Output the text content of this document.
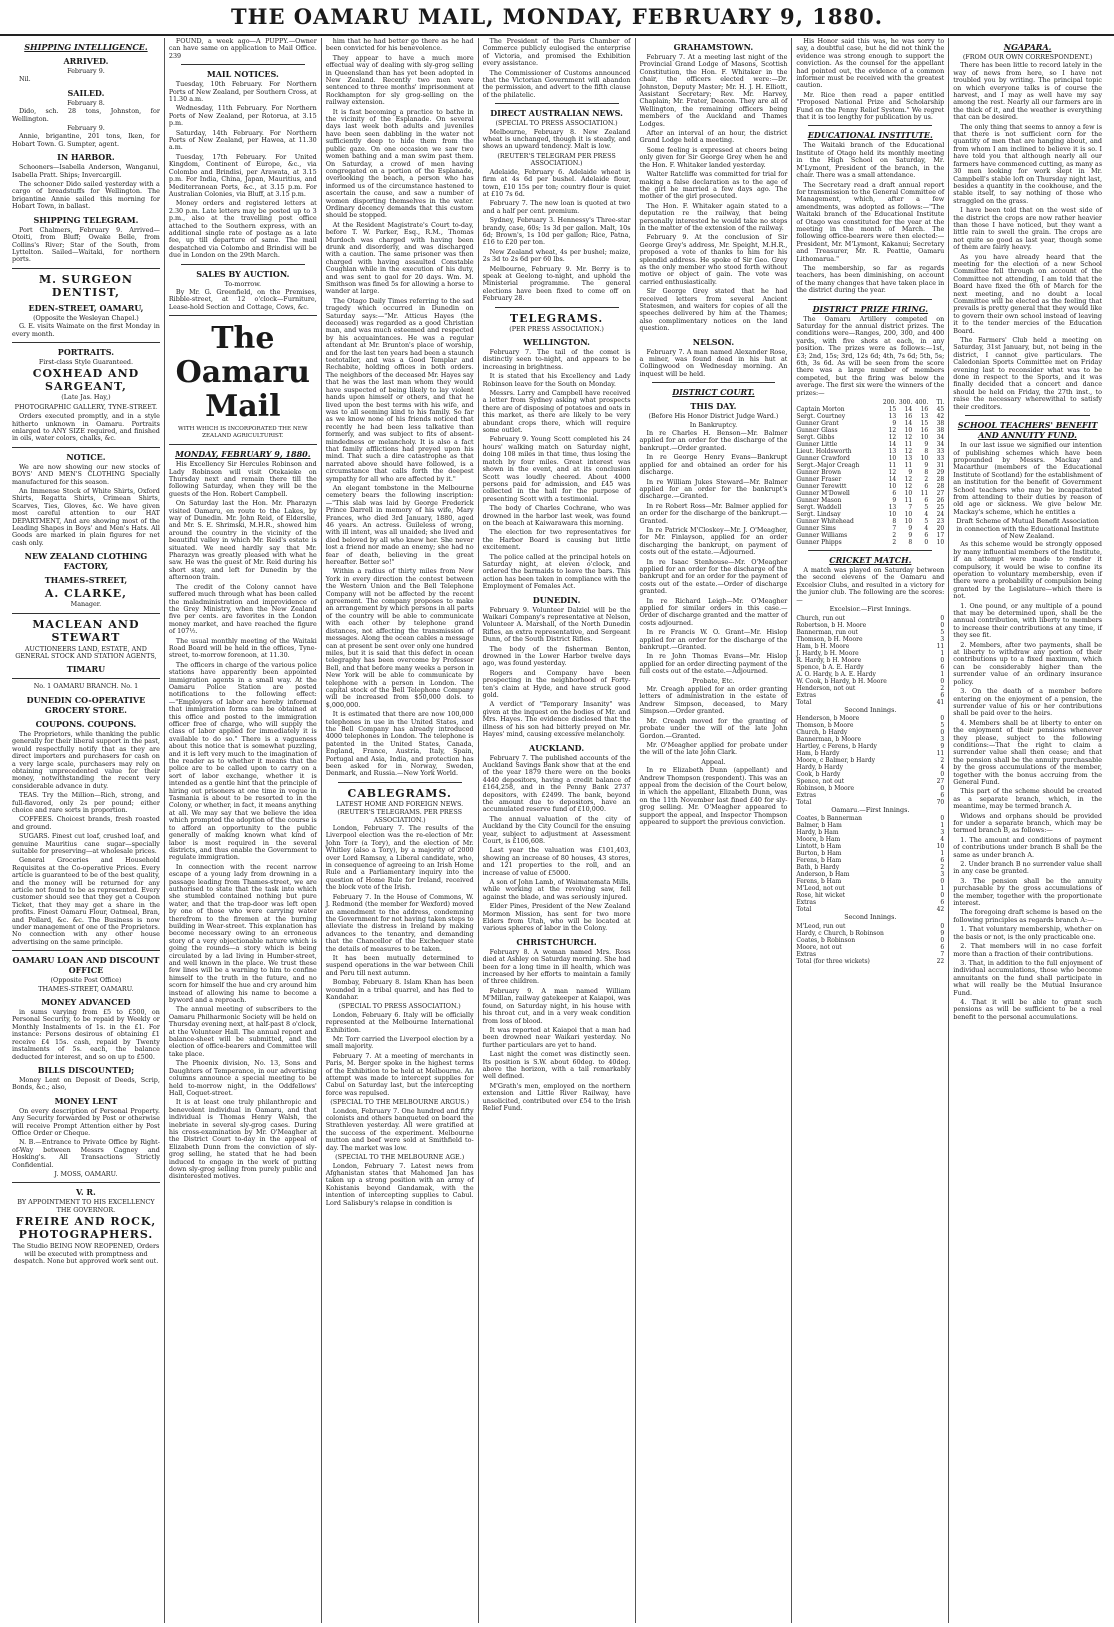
THE OAMARU MAIL, MONDAY, FEBRUARY 9, 1880.
SHIPPING INTELLIGENCE.
ARRIVED.
February 9.

Nil.

SAILED.
February 8.

Dido, sch. 28 tons, Johnston, for Wellington.

February 9.

Annie, brigantine, 201 tons, Iken, for Hobart Town. G. Sumpter, agent.

IN HARBOR.

Schooners—Isabella Anderson, Wanganui, Isabella Pratt. Ships; Invercargill.

The schooner Dido sailed yesterday with a cargo of breadstuffs for Wellington. The brigantine Annie sailed this morning for Hobart Town, in ballast.

SHIPPING TELEGRAM.

Port Chalmers, February 9. Arrived—Otoiti, from Bluff; Owake Belle, from Collins's River; Star of the South, from Lyttelton. Sailed—Waitaki, for northern ports.

M. SURGEON DENTIST,
EDEN-STREET, OAMARU,
(Opposite the Wesleyan Chapel.)

G. E. visits Waimate on the first Monday in every month.

PORTRAITS.
First-class Style Guaranteed.
COXHEAD AND SARGEANT,
(Late Jas. Hay,)
PHOTOGRAPHIC GALLERY, TYNE-STREET.

Orders executed promptly, and in a style hitherto unknown in Oamaru. Portraits enlarged to ANY SIZE required, and finished in oils, water colors, chalks, &c.

NOTICE.

We are now showing our new stocks of BOYS' AND MEN'S CLOTHING Specially manufactured for this season.

An Immense Stock of White Shirts, Oxford Shirts, Regatta Shirts, Crimean Shirts, Scarves, Ties, Gloves, &c. We have given most careful attention to our HAT DEPARTMENT, And are showing most of the Leading Shapes in Boys' and Men's Hats. All Goods are marked in plain figures for net cash only.

NEW ZEALAND CLOTHING FACTORY,
THAMES-STREET,
A. CLARKE,
Manager.
MACLEAN AND STEWART
AUCTIONEERS LAND, ESTATE, AND GENERAL STOCK AND STATION AGENTS,
TIMARU
No. 1 OAMARU BRANCH. No. 1
DUNEDIN CO-OPERATIVE GROCERY STORE.
COUPONS. COUPONS.

The Proprietors, while thanking the public generally for their liberal support in the past, would respectfully notify that as they are direct importers and purchasers for cash on a very large scale, purchasers may rely on obtaining unprecedented value for their money, notwithstanding the recent very considerable advance in duty.

TEAS. Try the Million—Rich, strong, and full-flavored, only 2s per pound; either choice and rare sorts in proportion.

COFFEES. Choicest brands, fresh roasted and ground.

SUGARS. Finest cut loaf, crushed loaf, and genuine Mauritius cane sugar—specially suitable for preserving—at wholesale prices.

General Groceries and Household Requisites at the Co-operative Prices. Every article is guaranteed to be of the best quality, and the money will be returned for any article not found to be as represented. Every customer should see that they get a Coupon Ticket, that they may get a share in the profits. Finest Oamaru Flour, Oatmeal, Bran, and Pollard, &c. &c. The Business is now under management of one of the Proprietors. No connection with any other house advertising on the same principle.

OAMARU LOAN AND DISCOUNT OFFICE
(Opposite Post Office)
THAMES-STREET, OAMARU.
MONEY ADVANCED

in sums varying from £5 to £500, on Personal Security, to be repaid by Weekly or Monthly Instalments of 1s. in the £1. For instance: Persons desirous of obtaining £1 receive £4 15s. cash, repaid by Twenty instalments of 5s. each, the balance deducted for interest, and so on up to £500.

BILLS DISCOUNTED;

Money Lent on Deposit of Deeds, Scrip, Bonds, &c.; also,

MONEY LENT

On every description of Personal Property. Any Security forwarded by Post or otherwise will receive Prompt Attention either by Post Office Order or Cheque.

N. B.—Entrance to Private Office by Right-of-Way between Messrs Cagney and Hosking's. All Transactions Strictly Confidential.

J. MOSS, OAMARU.
V. R.
BY APPOINTMENT TO HIS EXCELLENCY THE GOVERNOR.
FREIRE AND ROCK, PHOTOGRAPHERS.
The Studio BEING NOW REOPENED, Orders will be executed with promptness and despatch. None but approved work sent out.

FOUND, a week ago—A PUPPY.—Owner can have same on application to Mail Office. 239

MAIL NOTICES.

Tuesday, 10th February. For Northern Ports of New Zealand, per Southern Cross, at 11.30 a.m.

Wednesday, 11th February. For Northern Ports of New Zealand, per Rotorua, at 3.15 p.m.

Saturday, 14th February. For Northern Ports of New Zealand, per Hawea, at 11.30 a.m.

Tuesday, 17th February. For United Kingdom, Continent of Europe, &c., via Colombo and Brindisi, per Arawata, at 3.15 p.m. For India, China, Japan, Mauritius, and Mediterranean Ports, &c., at 3.15 p.m. For Australian Colonies, via Bluff, at 3.15 p.m.

Money orders and registered letters at 2.30 p.m. Late letters may be posted up to 3 p.m., also at the travelling post office attached to the Southern express, with an additional single rate of postage as a late fee, up till departure of same. The mail despatched via Colombo and Brindisi will be due in London on the 29th March.

SALES BY AUCTION.
To-morrow.

By Mr. G. Greenfield, on the Premises, Ribble-street, at 12 o'clock—Furniture, Lease-hold Section and Cottage, Cows, &c.

The Oamaru Mail
WITH WHICH IS INCORPORATED THE NEW ZEALAND AGRICULTURIST.
MONDAY, FEBRUARY 9, 1880.

His Excellency Sir Hercules Robinson and Lady Robinson will visit Otekaieke on Thursday next and remain there till the following Saturday, when they will be the guests of the Hon. Robert Campbell.

On Saturday last the Hon. Mr. Pharazyn visited Oamaru, en route to the Lakes, by way of Dunedin. Mr. John Reid, of Elderslie, and Mr. S. E. Shrimski, M.H.R., showed him around the country in the vicinity of the beautiful valley in which Mr. Reid's estate is situated. We need hardly say that Mr. Pharazyn was greatly pleased with what he saw. He was the guest of Mr. Reid during his short stay, and left for Dunedin by the afternoon train.

The credit of the Colony cannot have suffered much through what has been called the maladministration and improvidence of the Grey Ministry, when the New Zealand five per cents. are favorites in the London money market, and have reached the figure of 107½.

The usual monthly meeting of the Waitaki Road Board will be held in the offices, Tyne-street, to-morrow forenoon, at 11.30.

The officers in charge of the various police stations have apparently been appointed immigration agents in a small way. At the Oamaru Police Station are posted notifications to the following effect:—"Employers of labor are hereby informed that immigration forms can be obtained at this office and posted to the immigration officer free of charge, who will supply the class of labor applied for immediately it is available to do so." There is a vagueness about this notice that is somewhat puzzling, and it is left very much to the imagination of the reader as to whether it means that the police are to be called upon to carry on a sort of labor exchange, whether it is intended as a gentle hint that the principle of hiring out prisoners at one time in vogue in Tasmania is about to be resorted to in the Colony, or whether, in fact, it means anything at all. We may say that we believe the idea which prompted the adoption of the course is to afford an opportunity to the public generally of making known what kind of labor is most required in the several districts, and thus enable the Government to regulate immigration.

In connection with the recent narrow escape of a young lady from drowning in a passage leading from Thames-street, we are authorised to state that the task into which she stumbled contained nothing but pure water, and that the trap-door was left open by one of those who were carrying water therefrom to the firemen at the burning building in Wear-street. This explanation has become necessary owing to an erroneous story of a very objectionable nature which is going the rounds—a story which is being circulated by a lad living in Humber-street, and well known in the place. We trust these few lines will be a warning to him to confine himself to the truth in the future, and no scorn for himself the hue and cry around him instead of allowing his name to become a byword and a reproach.

The annual meeting of subscribers to the Oamaru Philharmonic Society will be held on Thursday evening next, at half-past 8 o'clock, at the Volunteer Hall. The annual report and balance-sheet will be submitted, and the election of office-bearers and Committee will take place.

The Phoenix division, No. 13, Sons and Daughters of Temperance, in our advertising columns announce a special meeting to be held to-morrow night, in the Oddfellows' Hall, Coquet-street.

It is at least one truly philanthropic and benevolent individual in Oamaru, and that individual is Thomas Henry Walsh, the inebriate in several sly-grog cases. During his cross-examination by Mr. O'Meagher at the District Court to-day in the appeal of Elizabeth Dunn from the conviction of sly-grog selling, he stated that he had been induced to engage in the work of putting down sly-grog selling from purely public and disinterested motives.

him that he had better go there as he had been convicted for his benevolence.

They appear to have a much more effectual way of dealing with sly-grog selling in Queensland than has yet been adopted in New Zealand. Recently two men were sentenced to three months' imprisonment at Rockhampton for sly grog-selling on the railway extension.

It is fast becoming a practice to bathe in the vicinity of the Esplanade. On several days last week both adults and juveniles have been seen dabbling in the water not sufficiently deep to hide them from the public gaze. On one occasion we saw two women bathing and a man swim past them. On Saturday, a crowd of men having congregated on a portion of the Esplanade, overlooking the beach, a person who has informed us of the circumstance hastened to ascertain the cause, and saw a number of women disporting themselves in the water. Ordinary decency demands that this custom should be stopped.

At the Resident Magistrate's Court to-day, before T. W. Parker, Esq., R.M., Thomas Murdoch was charged with having been drunk and disorderly, and was discharged with a caution. The same prisoner was then charged with having assaulted Constable Coughlan while in the execution of his duty, and was sent to gaol for 20 days. Wm. M. Smithson was fined 5s for allowing a horse to wander at large.

The Otago Daily Times referring to the sad tragedy which occurred in Dunedin on Saturday says:—"Mr. Atticus Hayes (the deceased) was regarded as a good Christian man, and was much esteemed and respected by his acquaintances. He was a regular attendant at Mr. Brunton's place of worship, and for the last ten years had been a staunch teetotaller, and was a Good Templar and Rechabite, holding offices in both orders. The neighbors of the deceased Mr. Hayes say that he was the last man whom they would have suspected of being likely to lay violent hands upon himself or others, and that he lived upon the best terms with his wife, and was to all seeming kind to his family. So far as we know none of his friends noticed that recently he had been less talkative than formerly, and was subject to fits of absent-mindedness or melancholy. It is also a fact that family afflictions had preyed upon his mind. That such a dire catastrophe as that narrated above should have followed, is a circumstance that calls forth the deepest sympathy for all who are affected by it."

An elegant tombstone in the Melbourne cemetery bears the following inscription:—"This slab was laid by George Frederick Prince Darrell in memory of his wife, Mary Frances, who died 3rd January, 1880, aged 46 years. An actress. Guileless of wrong, with ill intent, was all unaided; she lived and died beloved by all who knew her. She never lost a friend nor made an enemy; she had no fear of death, believing in the great hereafter. Better so!"

Within a radius of thirty miles from New York in every direction the contest between the Western Union and the Bell Telephone Company will not be affected by the recent agreement. The company proposes to make an arrangement by which persons in all parts of the country will be able to communicate with each other by telephone grand distances, not affecting the transmission of messages. Along the ocean cables a message can at present be sent over only one hundred miles, but it is said that this defect in ocean telegraphy has been overcome by Professor Bell, and that before many weeks a person in New York will be able to communicate by telephone with a person in London. The capital stock of the Bell Telephone Company will be increased from $50,000 dols. to $,000,000.

It is estimated that there are now 100,000 telephones in use in the United States, and the Bell Company has already introduced 4000 telephones in London. The telephone is patented in the United States, Canada, England, France, Austria, Italy, Spain, Portugal and Asia, India, and protection has been asked for in Norway, Sweden, Denmark, and Russia.—New York World.

CABLEGRAMS.
LATEST HOME AND FOREIGN NEWS.
(REUTER'S TELEGRAMS. PER PRESS ASSOCIATION.)

London, February 7. The results of the Liverpool election was the re-election of Mr. John Torr (a Tory), and the election of Mr. Whitley (also a Tory), by a majority of 2000 over Lord Ramsay, a Liberal candidate, who, in consequence of agreeing to an Irish Home Rule and a Parliamentary inquiry into the question of Home Rule for Ireland, received the block vote of the Irish.

February 7. In the House of Commons, W. J. Redmond (the member for Wexford) moved an amendment to the address, condemning the Government for not having taken steps to alleviate the distress in Ireland by making advances to the tenantry, and demanding that the Chancellor of the Exchequer state the details of measures to be taken.

It has been mutually determined to suspend operations in the war between Chili and Peru till next autumn.

Bombay, February 8. Islam Khan has been wounded in a tribal quarrel, and has fled to Kandahar.

(SPECIAL TO PRESS ASSOCIATION.)

London, February 6. Italy will be officially represented at the Melbourne International Exhibition.

Mr. Torr carried the Liverpool election by a small majority.

February 7. At a meeting of merchants in Paris, M. Berger spoke in the highest terms of the Exhibition to be held at Melbourne. An attempt was made to intercept supplies for Cabul on Saturday last, but the intercepting force was repulsed.

(SPECIAL TO THE MELBOURNE ARGUS.)

London, February 7. One hundred and fifty colonists and others banqueted on board the Strathleven yesterday. All were gratified at the success of the experiment. Melbourne mutton and beef were sold at Smithfield to-day. The market was low.

(SPECIAL TO THE MELBOURNE AGE.)

London, February 7. Latest news from Afghanistan states that Mahomed Jan has taken up a strong position with an army of Kohistanis beyond Gandamak, with the intention of intercepting supplies to Cabul. Lord Salisbury's relapse in condition is

The President of the Paris Chamber of Commerce publicly eulogised the enterprise of Victoria, and promised the Exhibition every assistance.

The Commissioner of Customs announced that the Victorian Government will abandon the permission, and advert to the fifth clause of the philatelic.

DIRECT AUSTRALIAN NEWS.
(SPECIAL TO PRESS ASSOCIATION.)

Melbourne, February 8. New Zealand wheat is unchanged, though it is steady, and shows an upward tendency. Malt is low.

(REUTER'S TELEGRAM PER PRESS ASSOCIATION.)

Adelaide, February 6. Adelaide wheat is firm at 4s 6d per bushel. Adelaide flour, town, £10 15s per ton; country flour is quiet at £10 7s 6d.

February 7. The new loan is quoted at two and a half per cent. premium.

Sydney, February 3. Hennessy's Three-star brandy, case, 60s; 1s 3d per gallon. Malt, 10s 6d; Brown's, 1s 10d per gallon; Rice, Patna, £16 to £20 per ton.

New Zealand wheat, 4s per bushel; maize, 2s 3d to 2s 6d per 60 lbs.

Melbourne, February 9. Mr. Berry is to speak at Geelong to-night, and uphold the Ministerial programme. The general elections have been fixed to come off on February 28.

TELEGRAMS.
(PER PRESS ASSOCIATION.)
WELLINGTON.

February 7. The tail of the comet is distinctly seen to-night, and appears to be increasing in brightness.

It is stated that his Excellency and Lady Robinson leave for the South on Monday.

Messrs. Larry and Campbell have received a letter from Sydney asking what prospects there are of disposing of potatoes and oats in this market, as there are likely to be very abundant crops there, which will require some outlet.

February 9. Young Scott completed his 24 hours' walking match on Saturday night, doing 108 miles in that time, thus losing the match by four miles. Great interest was shown in the event, and at its conclusion Scott was loudly cheered. About 4000 persons paid for admission, and £45 was collected in the hall for the purpose of presenting Scott with a testimonial.

The body of Charles Cochrane, who was drowned in the harbor last week, was found on the beach at Kaiwarawara this morning.

The election for two representatives for the Harbor Board is causing but little excitement.

The police called at the principal hotels on Saturday night, at eleven o'clock, and ordered the barmaids to leave the bars. This action has been taken in compliance with the Employment of Females Act.

DUNEDIN.

February 9. Volunteer Dalziel will be the Waikari Company's representative at Nelson, Volunteer A. Marshall, of the North Dunedin Rifles, an extra representative, and Sergeant Dunn, of the South District Rifles.

The body of the fisherman Benton, drowned in the Lower Harbor twelve days ago, was found yesterday.

Rogers and Company have been prospecting in the neighborhood of Forty-ten's claim at Hyde, and have struck good gold.

A verdict of "Temporary Insanity" was given at the inquest on the bodies of Mr. and Mrs. Hayes. The evidence disclosed that the illness of his son had bitterly preyed on Mr. Hayes' mind, causing excessive melancholy.

AUCKLAND.

February 7. The published accounts of the Auckland Savings Bank show that at the end of the year 1879 there were on the books 4440 depositors, having a credit balance of £164,258, and in the Penny Bank 2737 depositors, with £2499. The bank, beyond the amount due to depositors, have an accumulated reserve fund of £10,000.

The annual valuation of the city of Auckland by the City Council for the ensuing year, subject to adjustment at Assessment Court, is £106,608.

Last year the valuation was £101,403, showing an increase of 80 houses, 43 stores, and 121 properties to the roll, and an increase of value of £5000.

A son of John Lamb, of Waimatemata Mills, while working at the revolving saw, fell against the blade, and was seriously injured.

Elder Pines, President of the New Zealand Mormon Mission, has sent for two more Elders from Utah, who will be located at various spheres of labor in the Colony.

CHRISTCHURCH.

February 8. A woman named Mrs. Ross died at Ashley on Saturday morning. She had been for a long time in ill health, which was increased by her efforts to maintain a family of three children.

February 9. A man named William M'Millan, railway gatekeeper at Kaiapoi, was found, on Saturday night, in his house with his throat cut, and in a very weak condition from loss of blood.

It was reported at Kaiapoi that a man had been drowned near Waikari yesterday. No further particulars are yet to hand.

Last night the comet was distinctly seen. Its position is S.W. about 60deg. to 40deg. above the horizon, with a tail remarkably well defined.

M'Grath's men, employed on the northern extension and Little River Railway, have unsolicited, contributed over £54 to the Irish Relief Fund.

GRAHAMSTOWN.

February 7. At a meeting last night of the Provincial Grand Lodge of Masons, Scottish Constitution, the Hon. F. Whitaker in the chair, the officers elected were:—Dr. Johnston, Deputy Master; Mr. H. J. H. Elliott, Assistant Secretary; Rev. Mr. Harvey, Chaplain; Mr. Frater, Deacon. They are all of Wellington, the remaining officers being members of the Auckland and Thames Lodges.

After an interval of an hour, the district Grand Lodge held a meeting.

Some feeling is expressed at cheers being only given for Sir George Grey when he and the Hon. F. Whitaker landed yesterday.

Walter Ratcliffe was committed for trial for making a false declaration as to the age of the girl he married a few days ago. The mother of the girl prosecuted.

The Hon. F. Whitaker again stated to a deputation re the railway, that being personally interested he would take no steps in the matter of the extension of the railway.

February 9. At the conclusion of Sir George Grey's address, Mr. Speight, M.H.R., proposed a vote of thanks to him for his splendid address. He spoke of Sir Geo. Grey as the only member who stood forth without motive or object of gain. The vote was carried enthusiastically.

Sir George Grey stated that he had received letters from several Ancient Statesmen, and waiters for copies of all the speeches delivered by him at the Thames; also complimentary notices on the land question.

NELSON.

February 7. A man named Alexander Rose, a miner, was found dead in his hut at Collingwood on Wednesday morning. An inquest will be held.

DISTRICT COURT.
THIS DAY.
(Before His Honor District Judge Ward.)
In Bankruptcy.

In re Charles H. Benson—Mr. Balmer applied for an order for the discharge of the bankrupt.—Order granted.

In re George Henry Evans—Bankrupt applied for and obtained an order for his discharge.

In re William Jukes Steward—Mr. Balmer applied for an order for the bankrupt's discharge.—Granted.

In re Robert Ross—Mr. Balmer applied for an order for the discharge of the bankrupt.—Granted.

In re Patrick M'Closkey—Mr. J. O'Meagher, for Mr. Finlayson, applied for an order discharging the bankrupt, on payment of costs out of the estate.—Adjourned.

In re Isaac Stenhouse—Mr. O'Meagher applied for an order for the discharge of the bankrupt and for an order for the payment of costs out of the estate.—Order of discharge granted.

In re Richard Leigh—Mr. O'Meagher applied for similar orders in this case.—Order of discharge granted and the matter of costs adjourned.

In re Francis W. O. Grant—Mr. Hislop applied for an order for the discharge of the bankrupt.—Granted.

In re John Thomas Evans—Mr. Hislop applied for an order directing payment of the full costs out of the estate.—Adjourned.

Probate, Etc.

Mr. Creagh applied for an order granting letters of administration in the estate of Andrew Simpson, deceased, to Mary Simpson.—Order granted.

Mr. Creagh moved for the granting of probate under the will of the late John Gordon.—Granted.

Mr. O'Meagher applied for probate under the will of the late John Clark.

Appeal.

In re Elizabeth Dunn (appellant) and Andrew Thompson (respondent). This was an appeal from the decision of the Court below, in which the appellant, Elizabeth Dunn, was on the 11th November last fined £40 for sly-grog selling. Mr. O'Meagher appeared to support the appeal, and Inspector Thompson appeared to support the previous conviction.

His Honor said this was, he was sorry to say, a doubtful case, but he did not think the evidence was strong enough to support the conviction. As the counsel for the appellant had pointed out, the evidence of a common informer must be received with the greatest caution.

Mr. Rice then read a paper entitled "Proposed National Prize and Scholarship Fund on the Penny Relief System." We regret that it is too lengthy for publication by us.

EDUCATIONAL INSTITUTE.

The Waitaki branch of the Educational Institute of Otago held its monthly meeting in the High School on Saturday, Mr. M'Lymont, President of the branch, in the chair. There was a small attendance.

The Secretary read a draft annual report for transmission to the General Committee of Management, which, after a few amendments, was adopted as follows:—"The Waitaki branch of the Educational Institute of Otago was constituted for the year at the meeting in the month of March. The following office-bearers were then elected:—President, Mr. M'Lymont, Kakanui; Secretary and Treasurer, Mr. R. Peattie, Oamaru Lithomarua."

The membership, so far as regards teachers, has been diminishing, on account of the many changes that have taken place in the district during the year.

DISTRICT PRIZE FIRING.

The Oamaru Artillery competed on Saturday for the annual district prizes. The conditions were—Ranges, 200, 300, and 400 yards, with five shots at each, in any position. The prizes were as follows:—1st, £3; 2nd, 15s; 3rd, 12s 6d; 4th, 7s 6d; 5th, 5s; 6th, 3s 6d. As will be seen from the score there was a large number of members competed, but the firing was below the average. The first six were the winners of the prizes:—

	200.	300.	400.	Tl.
Captain Morton	15	14	16	45
Sergt. Courtney	13	16	13	42
Gunner Grant	9	14	15	38
Gunner Glass	12	10	16	38
Sergt. Gibbs	12	12	10	34
Gunner Little	14	11	9	34
Lieut. Holdsworth	13	12	8	33
Gunner Crawford	10	13	10	33
Sergt.-Major Creagh	11	11	9	31
Gunner Brown	12	9	8	29
Gunner Fraser	14	12	2	28
Gunner Terewitt	10	12	6	28
Gunner M'Dowell	6	10	11	27
Gunner Mason	9	11	6	26
Sergt. Waddell	13	7	5	25
Sergt. Lindsay	10	10	4	24
Gunner Whitehead	8	10	5	23
Gunner Sims	7	9	4	20
Gunner Williams	2	9	6	17
Gunner Phipps	2	8	0	10
CRICKET MATCH.

A match was played on Saturday between the second elevens of the Oamaru and Excelsior Clubs, and resulted in a victory for the junior club. The following are the scores:—

Excelsior.—First Innings.
Church, run out	0
Robertson, b H. Moore	0
Bannerman, run out	5
Thomson, b H. Moore	3
Ham, b H. Moore	11
J. Hardy, b H. Moore	1
R. Hardy, b H. Moore	0
Spence, b A. E. Hardy	6
A. O. Hardy, b A. E. Hardy	1
W. Cook, b Hardy, b H. Moore	0
Henderson, not out	2
Extras	6
Total	41
Second Innings.
Henderson, b Moore	0
Thomson, b Moore	5
Church, b Hardy	0
Bannerman, b Moore	3
Hartley, c Ferens, b Hardy	9
Ham, b Hardy	11
Moore, c Balmer, b Hardy	2
Hardy, b Hardy	4
Cook, b Hardy	0
Spence, not out	27
Robinson, b Moore	0
Extras	6
Total	70
Oamaru.—First Innings.
Coates, b Bannerman	0
Balmer, b Ham	1
Hardy, b Ham	3
Moore, b Ham	4
Lintott, b Ham	10
Burton, b Ham	1
Ferens, b Ham	6
Bath, b Hardy	2
Anderson, b Ham	3
Ferens, b Ham	0
M'Leod, not out	1
Rose, hit wicket	0
Extras	6
Total	42
Second Innings.
M'Leod, run out	0
Hardy, c Church, b Robinson	9
Coates, b Robinson	0
Moore, not out	6
Extras	7
Total (for three wickets)	22
NGAPARA.
(FROM OUR OWN CORRESPONDENT.)

There has been little to record lately in the way of news from here, so I have not troubled you by writing. The principal topic on which everyone talks is of course the harvest, and I may as well have my say among the rest. Nearly all our farmers are in the thick of it, and the weather is everything that can be desired.

The only thing that seems to annoy a few is that there is not sufficient corn for the quantity of men that are hanging about, and from whom I am inclined to believe it is so. I have told you that although nearly all our farmers have commenced cutting, as many as 30 men looking for work slept in Mr. Campbell's stable loft on Thursday night last, besides a quantity in the cookhouse, and the stable itself, to say nothing of those who straggled on the grass.

I have been told that on the west side of the district the crops are now rather heavier than those I have noticed, but they want a little rain to swell the grain. The crops are not quite so good as last year, though some of them are fairly heavy.

As you have already heard that the meeting for the election of a new School Committee fell through on account of the Committee not attending, I am told that the Board have fixed the 6th of March for the next meeting, and no doubt a local Committee will be elected as the feeling that prevails is pretty general that they would like to govern their own school instead of leaving it to the tender mercies of the Education Board.

The Farmers' Club held a meeting on Saturday, 31st January, but, not being in the district, I cannot give particulars. The Caledonian Sports Committee met on Friday evening last to reconsider what was to be done in respect to the Sports, and it was finally decided that a concert and dance should be held on Friday, the 27th inst., to raise the necessary wherewithal to satisfy their creditors.

SCHOOL TEACHERS' BENEFIT AND ANNUITY FUND.

In our last issue we signified our intention of publishing schemes which have been propounded by Messrs. Mackay and Macarthur (members of the Educational Institute of Scotland) for the establishment of an institution for the benefit of Government School teachers who may be incapacitated from attending to their duties by reason of old age or sickness. We give below Mr. Mackay's scheme, which he entitles a

Draft Scheme of Mutual Benefit Association in connection with the Educational Institute of New Zealand.

As this scheme would be strongly opposed by many influential members of the Institute, if an attempt were made to render it compulsory, it would be wise to confine its operation to voluntary membership, even if there were a probability of compulsion being granted by the Legislature—which there is not.

1. One pound, or any multiple of a pound that may be determined upon, shall be the annual contribution, with liberty to members to increase their contributions at any time, if they see fit.

2. Members, after two payments, shall be at liberty to withdraw any portion of their contributions up to a fixed maximum, which can be considerably higher than the surrender value of an ordinary insurance policy.

3. On the death of a member before entering on the enjoyment of a pension, the surrender value of his or her contributions shall be paid over to the heirs.

4. Members shall be at liberty to enter on the enjoyment of their pensions whenever they please, subject to the following conditions:—That the right to claim a surrender value shall then cease; and that the pension shall be the annuity purchasable by the gross accumulations of the member, together with the bonus accruing from the General Fund.

This part of the scheme should be created as a separate branch, which, in the meantime, may be termed branch A.

Widows and orphans should be provided for under a separate branch, which may be termed branch B, as follows:—

1. The amount and conditions of payment of contributions under branch B shall be the same as under branch A.

2. Under branch B no surrender value shall in any case be granted.

3. The pension shall be the annuity purchasable by the gross accumulations of the member, together with the proportionate interest.

The foregoing draft scheme is based on the following principles as regards branch A:—

1. That voluntary membership, whether on the basis or not, is the only practicable one.

2. That members will in no case forfeit more than a fraction of their contributions.

3. That, in addition to the full enjoyment of individual accumulations, those who become annuitants on the fund shall participate in what will really be the Mutual Insurance Fund.

4. That it will be able to grant such pensions as will be sufficient to be a real benefit to the personal accumulations.
